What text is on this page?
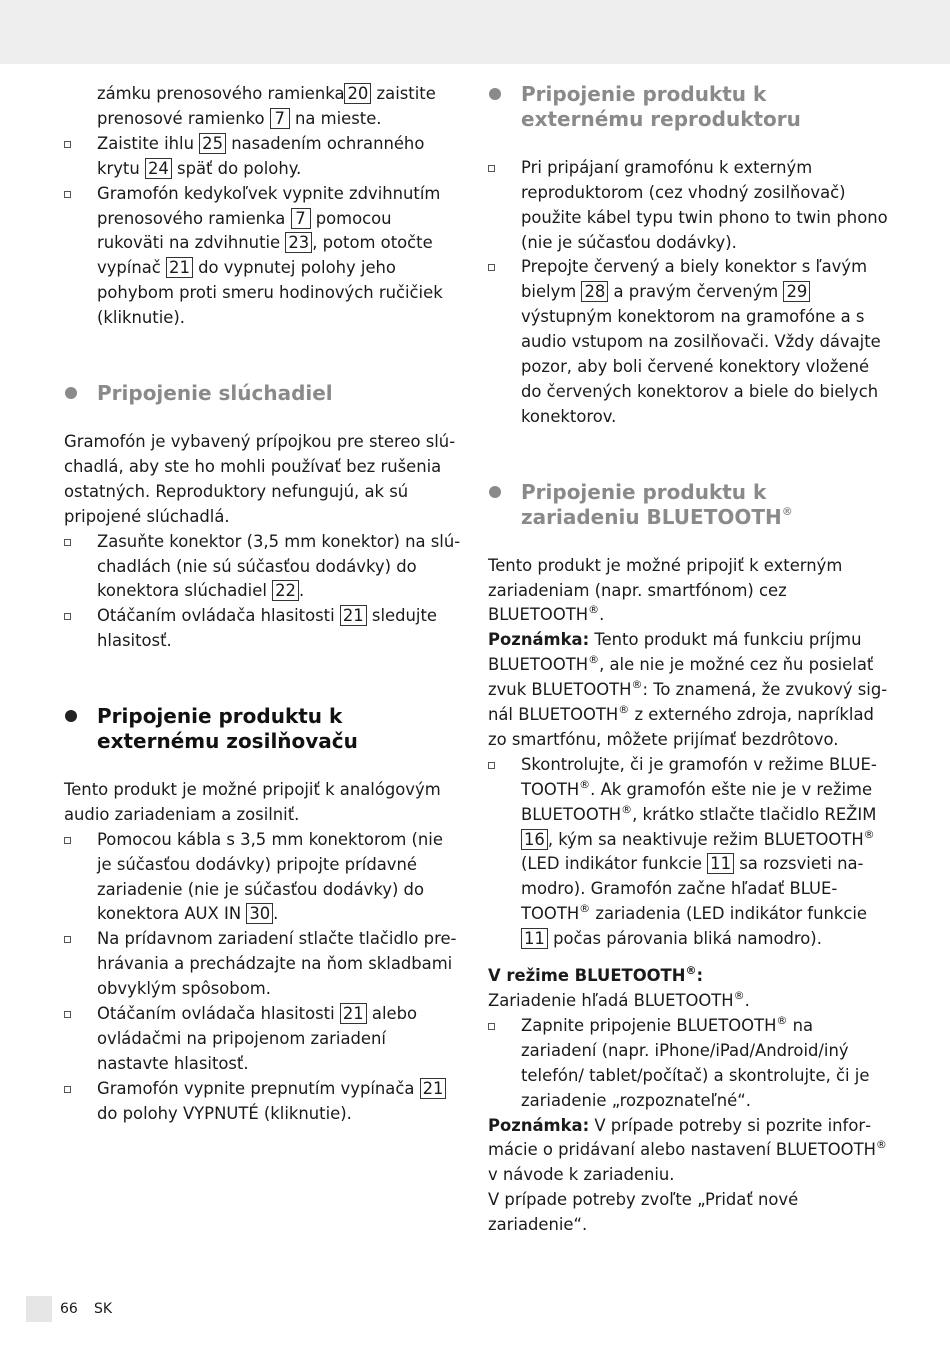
zámku prenosového ramienka 20 zaistite prenosové ramienko 7 na mieste.

Zaistite ihlu 25 nasadením ochranného krytu 24 späť do polohy.

Gramofón kedykoľvek vypnite zdvihnutím prenosového ramienka 7 pomocou rukoväti na zdvihnutie 23 , potom otočte vypínač 21 do vypnutej polohy jeho pohybom proti smeru hodinových ručičiek (kliknutie).

Pripojenie slúchadiel

Gramofón je vybavený prípojkou pre stereo slúchadlá, aby ste ho mohli používať bez rušenia ostatných. Reproduktory nefungujú, ak sú pripojené slúchadlá.

Zasuňte konektor (3,5 mm konektor) na slúchadlách (nie sú súčasťou dodávky) do konektora slúchadiel 22 .

Otáčaním ovládača hlasitosti 21 sledujte hlasitosť.

Pripojenie produktu k externému zosilňovaču

Tento produkt je možné pripojiť k analógovým audio zariadeniam a zosilniť.

Pomocou kábla s 3,5 mm konektorom (nie je súčasťou dodávky) pripojte prídavné zariadenie (nie je súčasťou dodávky) do konektora AUX IN 30 .

Na prídavnom zariadení stlačte tlačidlo prehrávania a prechádzajte na ňom skladbami obvyklým spôsobom.

Otáčaním ovládača hlasitosti 21 alebo ovládačmi na pripojenom zariadení nastavte hlasitosť.

Gramofón vypnite prepnutím vypínača 21 do polohy VYPNUTÉ (kliknutie).

Pripojenie produktu k externému reproduktoru

Pri pripájaní gramofónu k externým reproduktorom (cez vhodný zosilňovač) použite kábel typu twin phono to twin phono (nie je súčasťou dodávky).

Prepojte červený a biely konektor s ľavým bielym 28 a pravým červeným 29 výstupným konektorom na gramofóne a s audio vstupom na zosilňovači. Vždy dávajte pozor, aby boli červené konektory vložené do červených konektorov a biele do bielych konektorov.

Pripojenie produktu k zariadeniu BLUETOOTH®

Tento produkt je možné pripojiť k externým zariadeniam (napr. smartfónom) cez BLUETOOTH®.

Poznámka: Tento produkt má funkciu príjmu BLUETOOTH®, ale nie je možné cez ňu posielať zvuk BLUETOOTH®: To znamená, že zvukový signál BLUETOOTH® z externého zdroja, napríklad zo smartfónu, môžete prijímať bezdrôtovo.

Skontrolujte, či je gramofón v režime BLUETOOTH®. Ak gramofón ešte nie je v režime BLUETOOTH®, krátko stlačte tlačidlo REŽIM 16 , kým sa neaktivuje režim BLUETOOTH® (LED indikátor funkcie 11 sa rozsvieti namodro). Gramofón začne hľadať BLUETOOTH® zariadenia (LED indikátor funkcie 11 počas párovania bliká namodro).

V režime BLUETOOTH®:

Zariadenie hľadá BLUETOOTH®.

Zapnite pripojenie BLUETOOTH® na zariadení (napr. iPhone/iPad/Android/iný telefón/ tablet/počítač) a skontrolujte, či je zariadenie „rozpoznateľné“.

Poznámka: V prípade potreby si pozrite informácie o pridávaní alebo nastavení BLUETOOTH® v návode k zariadeniu.

V prípade potreby zvoľte „Pridať nové zariadenie“.

66 SK
